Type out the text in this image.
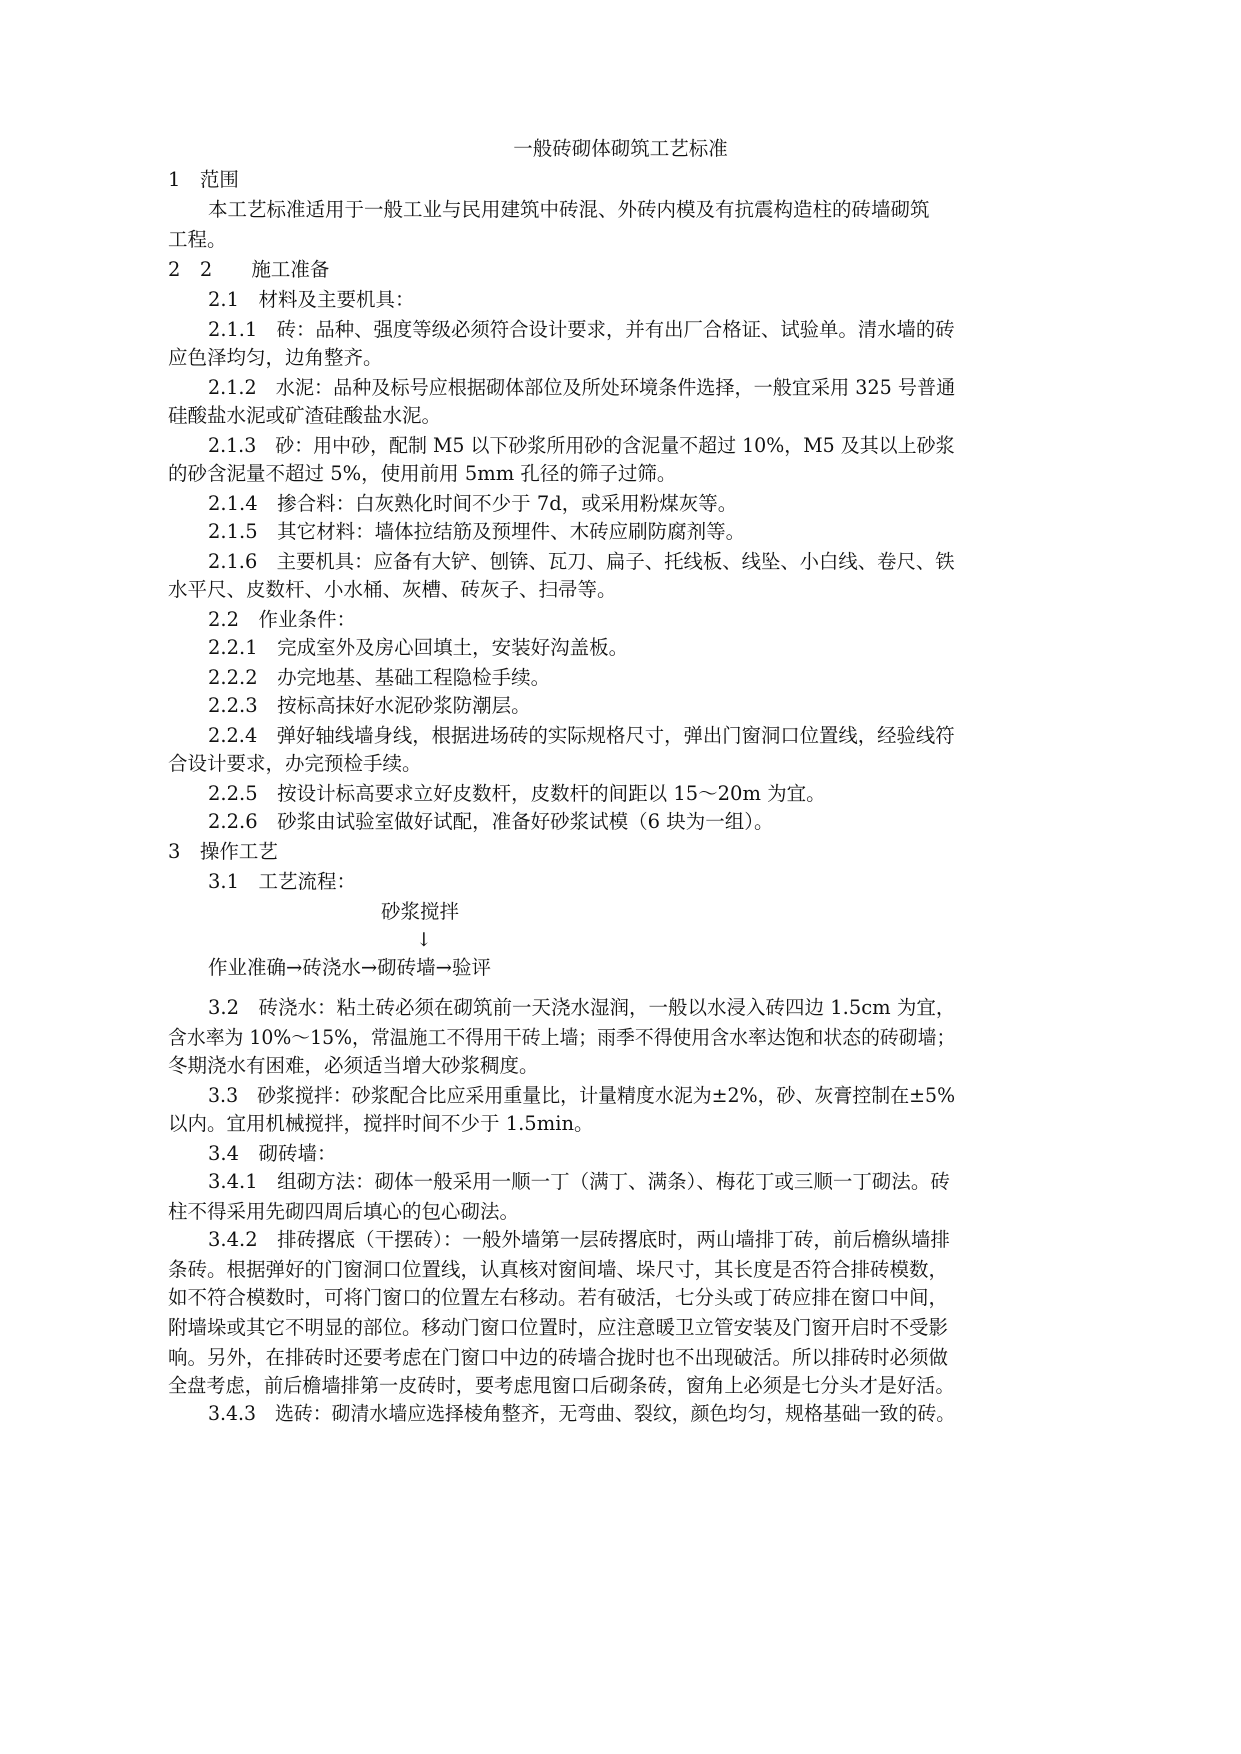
一般砖砌体砌筑工艺标准
1　范围
本工艺标准适用于一般工业与民用建筑中砖混、外砖内模及有抗震构造柱的砖墙砌筑
工程。
2　2　　施工准备
2.1　材料及主要机具：
2.1.1　砖：品种、强度等级必须符合设计要求，并有出厂合格证、试验单。清水墙的砖
应色泽均匀，边角整齐。
2.1.2　水泥：品种及标号应根据砌体部位及所处环境条件选择，一般宜采用 325 号普通
硅酸盐水泥或矿渣硅酸盐水泥。
2.1.3　砂：用中砂，配制 M5 以下砂浆所用砂的含泥量不超过 10%，M5 及其以上砂浆
的砂含泥量不超过 5%，使用前用 5mm 孔径的筛子过筛。
2.1.4　掺合料：白灰熟化时间不少于 7d，或采用粉煤灰等。
2.1.5　其它材料：墙体拉结筋及预埋件、木砖应刷防腐剂等。
2.1.6　主要机具：应备有大铲、刨锛、瓦刀、扁子、托线板、线坠、小白线、卷尺、铁
水平尺、皮数杆、小水桶、灰槽、砖灰子、扫帚等。
2.2　作业条件：
2.2.1　完成室外及房心回填土，安装好沟盖板。
2.2.2　办完地基、基础工程隐检手续。
2.2.3　按标高抹好水泥砂浆防潮层。
2.2.4　弹好轴线墙身线，根据进场砖的实际规格尺寸，弹出门窗洞口位置线，经验线符
合设计要求，办完预检手续。
2.2.5　按设计标高要求立好皮数杆，皮数杆的间距以 15～20m 为宜。
2.2.6　砂浆由试验室做好试配，准备好砂浆试模（6 块为一组）。
3　操作工艺
3.1　工艺流程：
砂浆搅拌
↓
作业准确→砖浇水→砌砖墙→验评
3.2　砖浇水：粘土砖必须在砌筑前一天浇水湿润，一般以水浸入砖四边 1.5cm 为宜，
含水率为 10%～15%，常温施工不得用干砖上墙；雨季不得使用含水率达饱和状态的砖砌墙；
冬期浇水有困难，必须适当增大砂浆稠度。
3.3　砂浆搅拌：砂浆配合比应采用重量比，计量精度水泥为±2%，砂、灰膏控制在±5%
以内。宜用机械搅拌，搅拌时间不少于 1.5min。
3.4　砌砖墙：
3.4.1　组砌方法：砌体一般采用一顺一丁（满丁、满条）、梅花丁或三顺一丁砌法。砖
柱不得采用先砌四周后填心的包心砌法。
3.4.2　排砖撂底（干摆砖）：一般外墙第一层砖撂底时，两山墙排丁砖，前后檐纵墙排
条砖。根据弹好的门窗洞口位置线，认真核对窗间墙、垛尺寸，其长度是否符合排砖模数，
如不符合模数时，可将门窗口的位置左右移动。若有破活，七分头或丁砖应排在窗口中间，
附墙垛或其它不明显的部位。移动门窗口位置时，应注意暖卫立管安装及门窗开启时不受影
响。另外，在排砖时还要考虑在门窗口中边的砖墙合拢时也不出现破活。所以排砖时必须做
全盘考虑，前后檐墙排第一皮砖时，要考虑甩窗口后砌条砖，窗角上必须是七分头才是好活。
3.4.3　选砖：砌清水墙应选择棱角整齐，无弯曲、裂纹，颜色均匀，规格基础一致的砖。
